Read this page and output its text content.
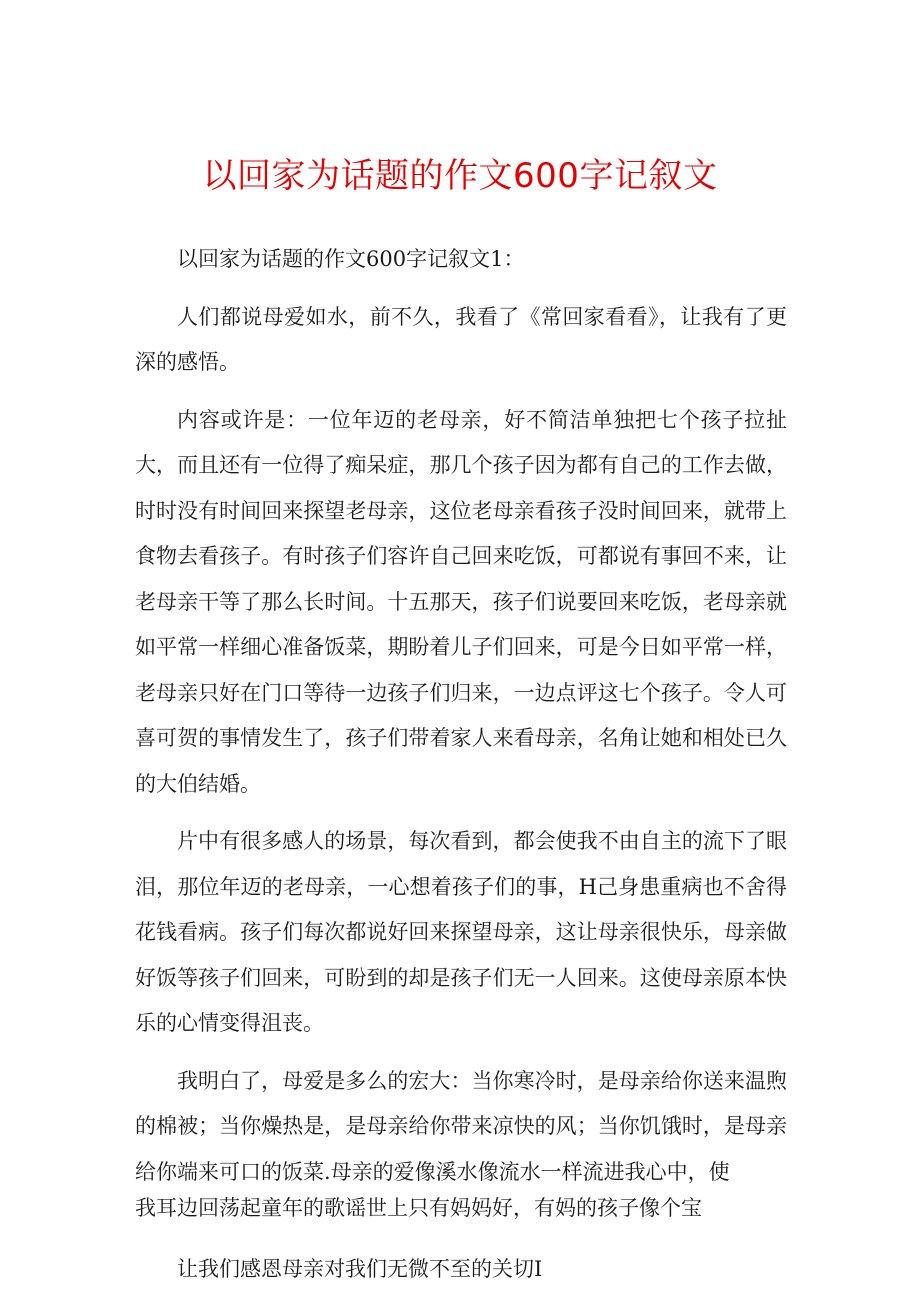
以回家为话题的作文600字记叙文

以回家为话题的作文600字记叙文1：

人们都说母爱如水，前不久，我看了《常回家看看》，让我有了更深的感悟。

内容或许是：一位年迈的老母亲，好不简洁单独把七个孩子拉扯大，而且还有一位得了痴呆症，那几个孩子因为都有自己的工作去做，时时没有时间回来探望老母亲，这位老母亲看孩子没时间回来，就带上食物去看孩子。有时孩子们容许自己回来吃饭，可都说有事回不来，让老母亲干等了那么长时间。十五那天，孩子们说要回来吃饭，老母亲就如平常一样细心准备饭菜，期盼着儿子们回来，可是今日如平常一样，老母亲只好在门口等待一边孩子们归来，一边点评这七个孩子。令人可喜可贺的事情发生了，孩子们带着家人来看母亲，名角让她和相处已久的大伯结婚。

片中有很多感人的场景，每次看到，都会使我不由自主的流下了眼泪，那位年迈的老母亲，一心想着孩子们的事，H己身患重病也不舍得花钱看病。孩子们每次都说好回来探望母亲，这让母亲很快乐，母亲做好饭等孩子们回来，可盼到的却是孩子们无一人回来。这使母亲原本快乐的心情变得沮丧。

我明白了，母爱是多么的宏大：当你寒冷时，是母亲给你送来温煦的棉被；当你燥热是，是母亲给你带来凉快的风；当你饥饿时，是母亲给你端来可口的饭菜.母亲的爱像溪水像流水一样流进我心中，使

我耳边回荡起童年的歌谣世上只有妈妈好，有妈的孩子像个宝

让我们感恩母亲对我们无微不至的关切I
